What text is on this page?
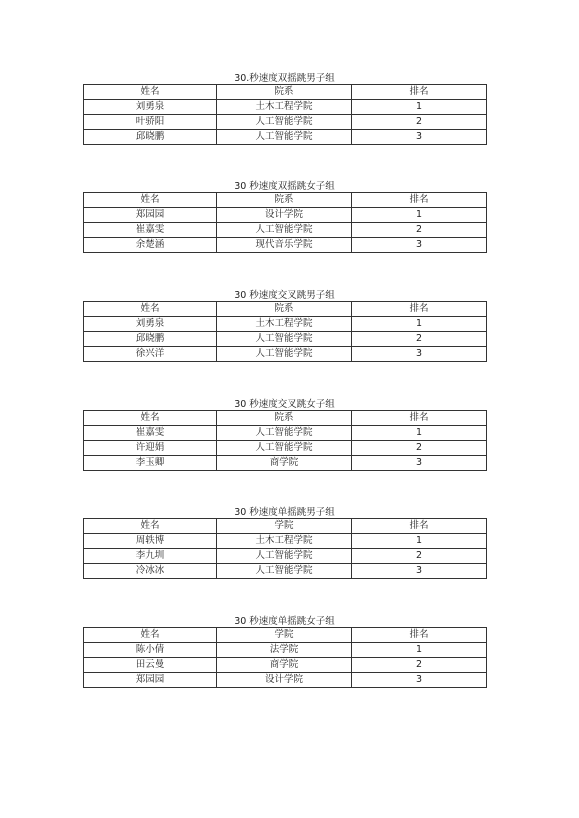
30.秒速度双摇跳男子组
姓名	院系	排名
刘勇泉	土木工程学院	1
叶骄阳	人工智能学院	2
邱晓鹏	人工智能学院	3
30 秒速度双摇跳女子组
姓名	院系	排名
郑园园	设计学院	1
崔嘉雯	人工智能学院	2
余楚涵	现代音乐学院	3
30 秒速度交叉跳男子组
姓名	院系	排名
刘勇泉	土木工程学院	1
邱晓鹏	人工智能学院	2
徐兴洋	人工智能学院	3
30 秒速度交叉跳女子组
姓名	院系	排名
崔嘉雯	人工智能学院	1
许迎娟	人工智能学院	2
李玉卿	商学院	3
30 秒速度单摇跳男子组
姓名	学院	排名
周轶博	土木工程学院	1
李九圳	人工智能学院	2
冷冰冰	人工智能学院	3
30 秒速度单摇跳女子组
姓名	学院	排名
陈小倩	法学院	1
田云曼	商学院	2
郑园园	设计学院	3
